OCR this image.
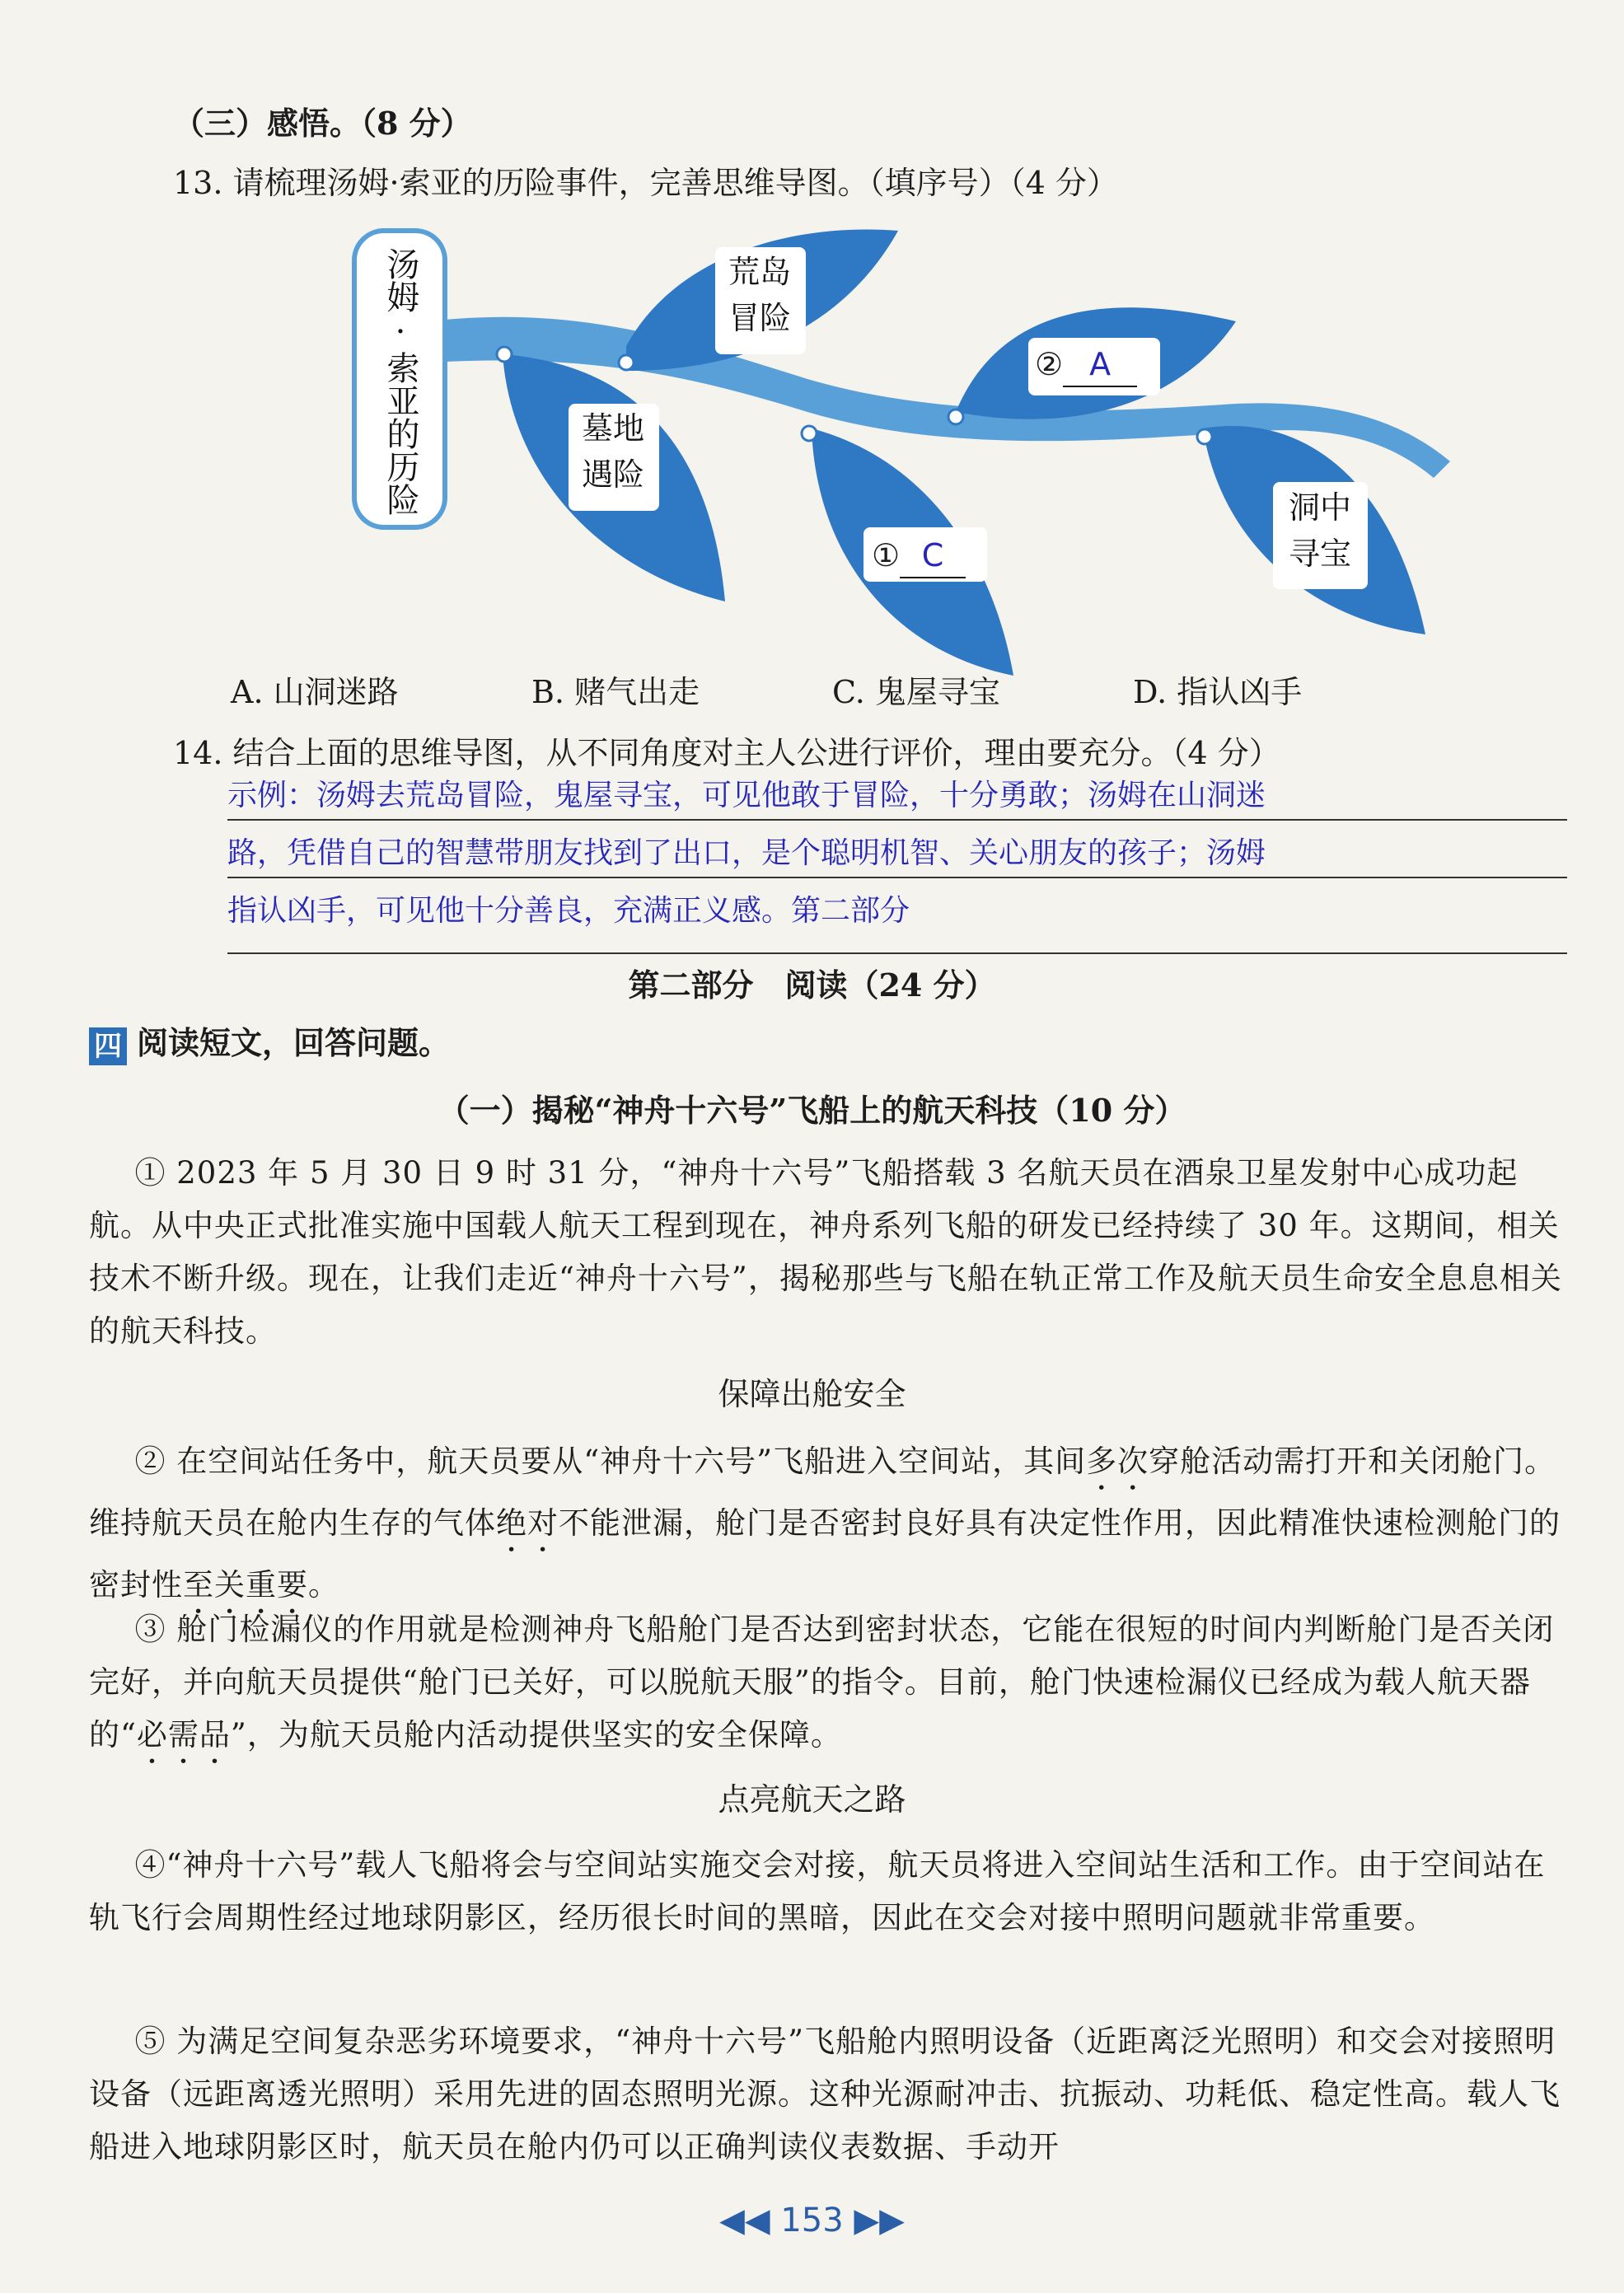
（三）感悟。（8 分）
13. 请梳理汤姆·索亚的历险事件，完善思维导图。（填序号）（4 分）
汤姆·索亚的历险	荒岛冒险
墓地遇险
洞中寻宝
① C
② A
A. 山洞迷路	B. 赌气出走	C. 鬼屋寻宝	D. 指认凶手
14. 结合上面的思维导图，从不同角度对主人公进行评价，理由要充分。（4 分）
示例：汤姆去荒岛冒险，鬼屋寻宝，可见他敢于冒险，十分勇敢；汤姆在山洞迷
路，凭借自己的智慧带朋友找到了出口，是个聪明机智、关心朋友的孩子；汤姆
指认凶手，可见他十分善良，充满正义感。第二部分
第二部分　阅读（24 分）
四 阅读短文，回答问题。
（一）揭秘“神舟十六号”飞船上的航天科技（10 分）
① 2023 年 5 月 30 日 9 时 31 分，“神舟十六号”飞船搭载 3 名航天员在酒泉卫星发射中心成功起航。从中央正式批准实施中国载人航天工程到现在，神舟系列飞船的研发已经持续了 30 年。这期间，相关技术不断升级。现在，让我们走近“神舟十六号”，揭秘那些与飞船在轨正常工作及航天员生命安全息息相关的航天科技。
保障出舱安全
② 在空间站任务中，航天员要从“神舟十六号”飞船进入空间站，其间多次穿舱活动需打开和关闭舱门。维持航天员在舱内生存的气体绝对不能泄漏，舱门是否密封良好具有决定性作用，因此精准快速检测舱门的密封性至关重要。
③ 舱门检漏仪的作用就是检测神舟飞船舱门是否达到密封状态，它能在很短的时间内判断舱门是否关闭完好，并向航天员提供“舱门已关好，可以脱航天服”的指令。目前，舱门快速检漏仪已经成为载人航天器的“必需品”，为航天员舱内活动提供坚实的安全保障。
点亮航天之路
④“神舟十六号”载人飞船将会与空间站实施交会对接，航天员将进入空间站生活和工作。由于空间站在轨飞行会周期性经过地球阴影区，经历很长时间的黑暗，因此在交会对接中照明问题就非常重要。
⑤ 为满足空间复杂恶劣环境要求，“神舟十六号”飞船舱内照明设备（近距离泛光照明）和交会对接照明设备（远距离透光照明）采用先进的固态照明光源。这种光源耐冲击、抗振动、功耗低、稳定性高。载人飞船进入地球阴影区时，航天员在舱内仍可以正确判读仪表数据、手动开
◀◀ 153 ▶▶
